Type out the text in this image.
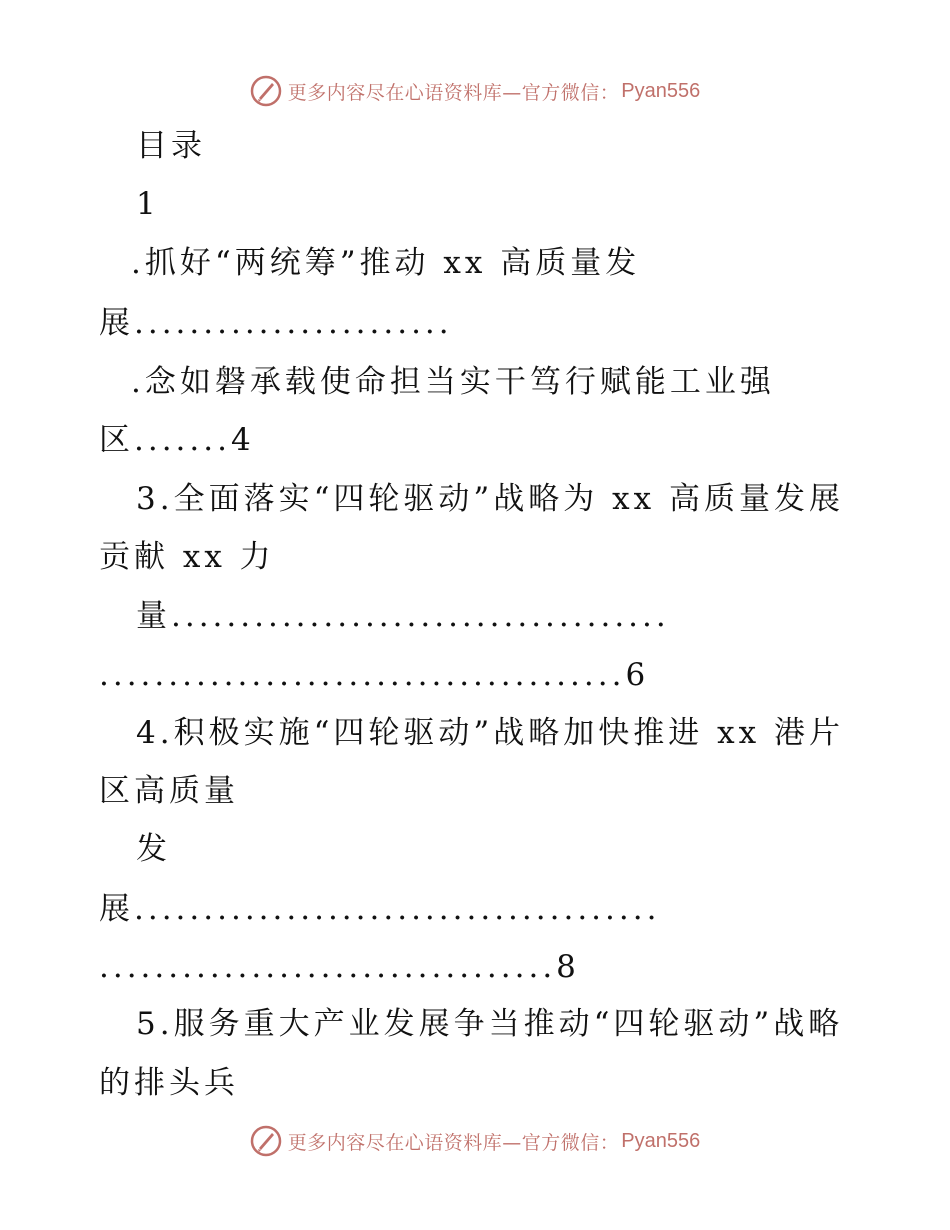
更多内容尽在心语资料库—官方微信： Pyan556
目录
1
.抓好“两统筹”推动 xx 高质量发
展.......................
.念如磐承载使命担当实干笃行赋能工业强
区.......4
3.全面落实“四轮驱动”战略为 xx 高质量发展
贡献 xx 力
量....................................
......................................6
4.积极实施“四轮驱动”战略加快推进 xx 港片
区高质量
发
展......................................
.................................8
5.服务重大产业发展争当推动“四轮驱动”战略
的排头兵
更多内容尽在心语资料库—官方微信： Pyan556
